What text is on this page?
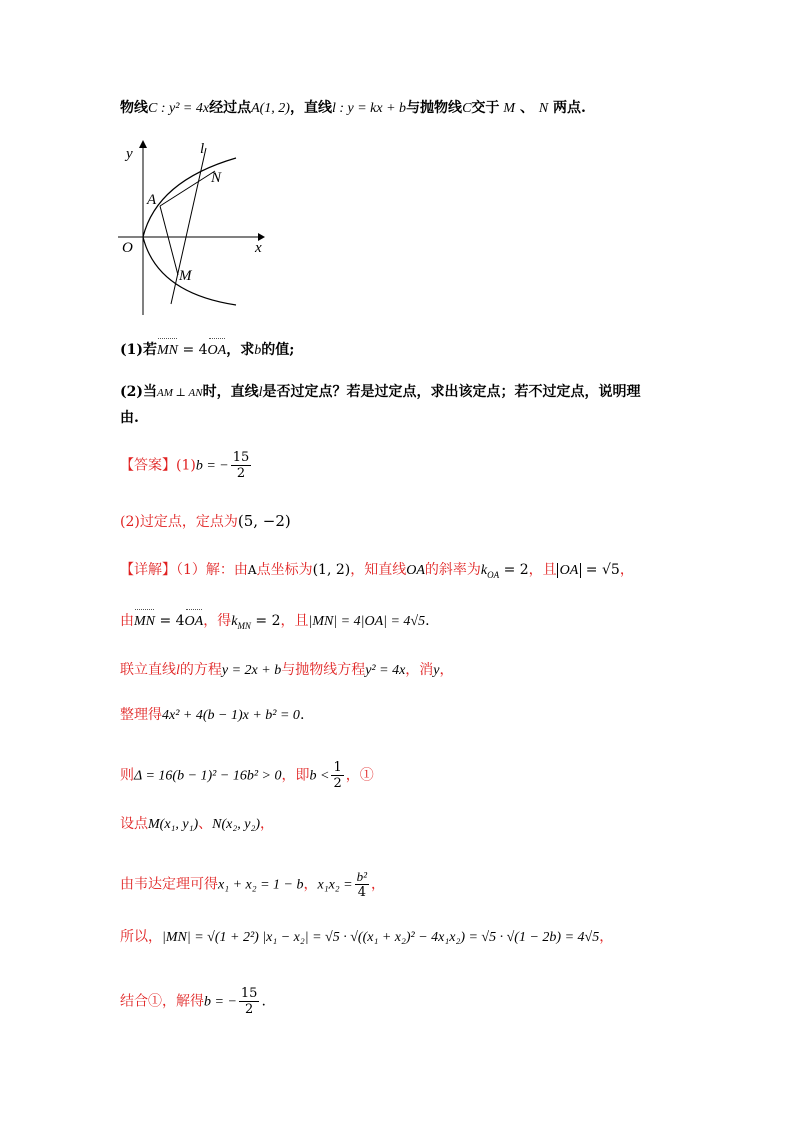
物线C : y² = 4x经过点A(1, 2)，直线l : y = kx + b与抛物线C交于 M 、 N 两点.
y
x
O
A
N
M
l
(1)若MN = 4OA，求b的值;
(2)当AM ⊥ AN时，直线l是否过定点？若是过定点，求出该定点；若不过定点，说明理
由.
【答案】(1)b = − $\frac{15}{2}$
(2)过定点，定点为(5, −2)
【详解】（1）解：由A点坐标为(1, 2)，知直线OA的斜率为$k_{OA} = 2$，且 OA = √5，
由MN = 4OA，得$k_{MN} = 2$，且|MN| = 4|OA| = 4√5.
联立直线l的方程y = 2x + b与抛物线方程y² = 4x，消y，
整理得4x² + 4(b − 1)x + b² = 0.
则Δ = 16(b − 1)² − 16b² > 0，即$b < \frac{1}{2}$ ，①
设点M(x₁, y₁)、N(x₂, y₂)，
由韦达定理可得x₁ + x₂ = 1 − b，$x_1x_2 = \frac{\text{b²}}{4}$ ，
所以，|MN| = √(1 + 2²) |x₁ − x₂| = √5 · √((x₁ + x₂)² − 4x₁x₂) = √5 · √(1 − 2b) = 4√5，
结合①，解得b = − $\frac{15}{2}$ .
